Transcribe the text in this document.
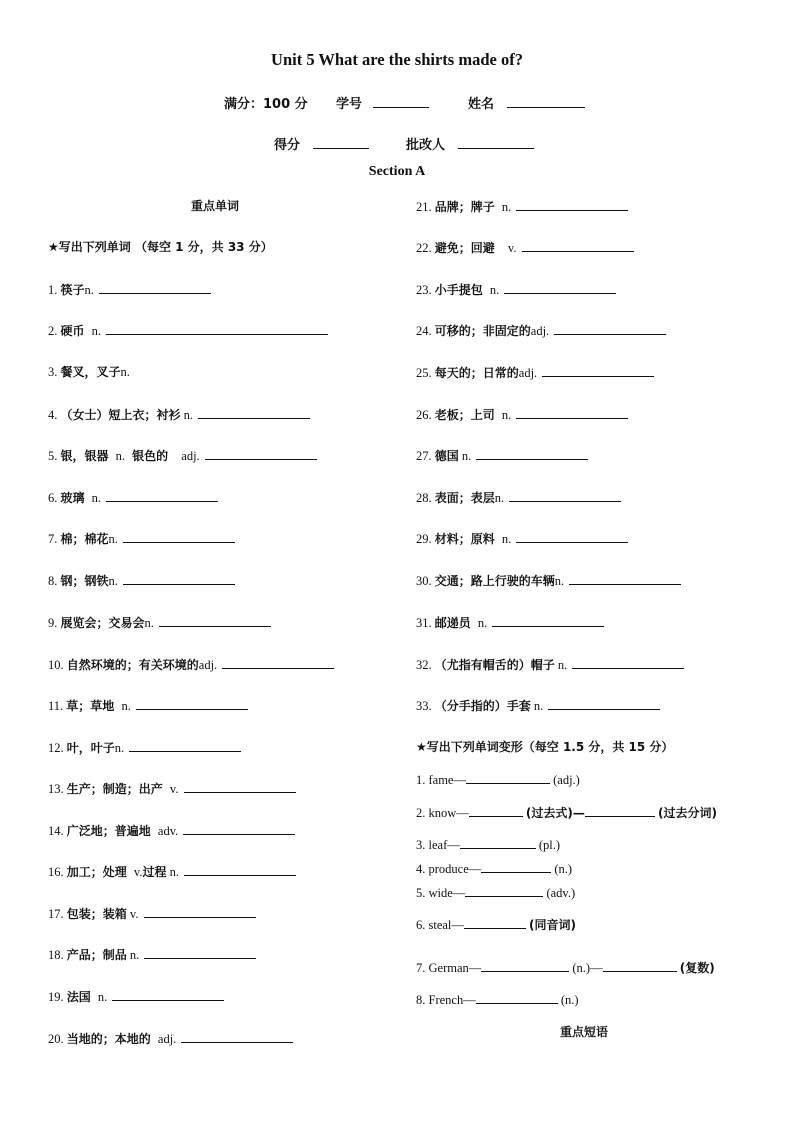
Unit 5 What are the shirts made of?
满分：100 分 学号	姓名
得分	批改人
Section A
重点单词
★写出下列单词 （每空 1 分，共 33 分）
1. 筷子n.
2. 硬币 n.
3. 餐叉，叉子n.
4. （女士）短上衣；衬衫 n.
5. 银，银器 n. 银色的 adj.
6. 玻璃 n.
7. 棉；棉花n.
8. 钢；钢铁n.
9. 展览会；交易会n.
10. 自然环境的；有关环境的adj.
11. 草；草地 n.
12. 叶，叶子n.
13. 生产；制造；出产 v.
14. 广泛地；普遍地 adv.
16. 加工；处理 v.过程 n.
17. 包装；装箱 v.
18. 产品；制品 n.
19. 法国 n.
20. 当地的；本地的 adj.
21. 品牌；牌子 n.
22. 避免；回避 v.
23. 小手提包 n.
24. 可移的；非固定的adj.
25. 每天的；日常的adj.
26. 老板；上司 n.
27. 德国 n.
28. 表面；表层n.
29. 材料；原料 n.
30. 交通；路上行驶的车辆n.
31. 邮递员 n.
32. （尤指有帽舌的）帽子 n.
33. （分手指的）手套 n.
★写出下列单词变形（每空 1.5 分，共 15 分）
1. fame—	(adj.)
2. know—	(过去式)—	(过去分词)
3. leaf—	(pl.)
4. produce—	(n.)
5. wide—	(adv.)
6. steal—	(同音词)
7. German—	(n.)—	(复数)
8. French—	(n.)
重点短语
